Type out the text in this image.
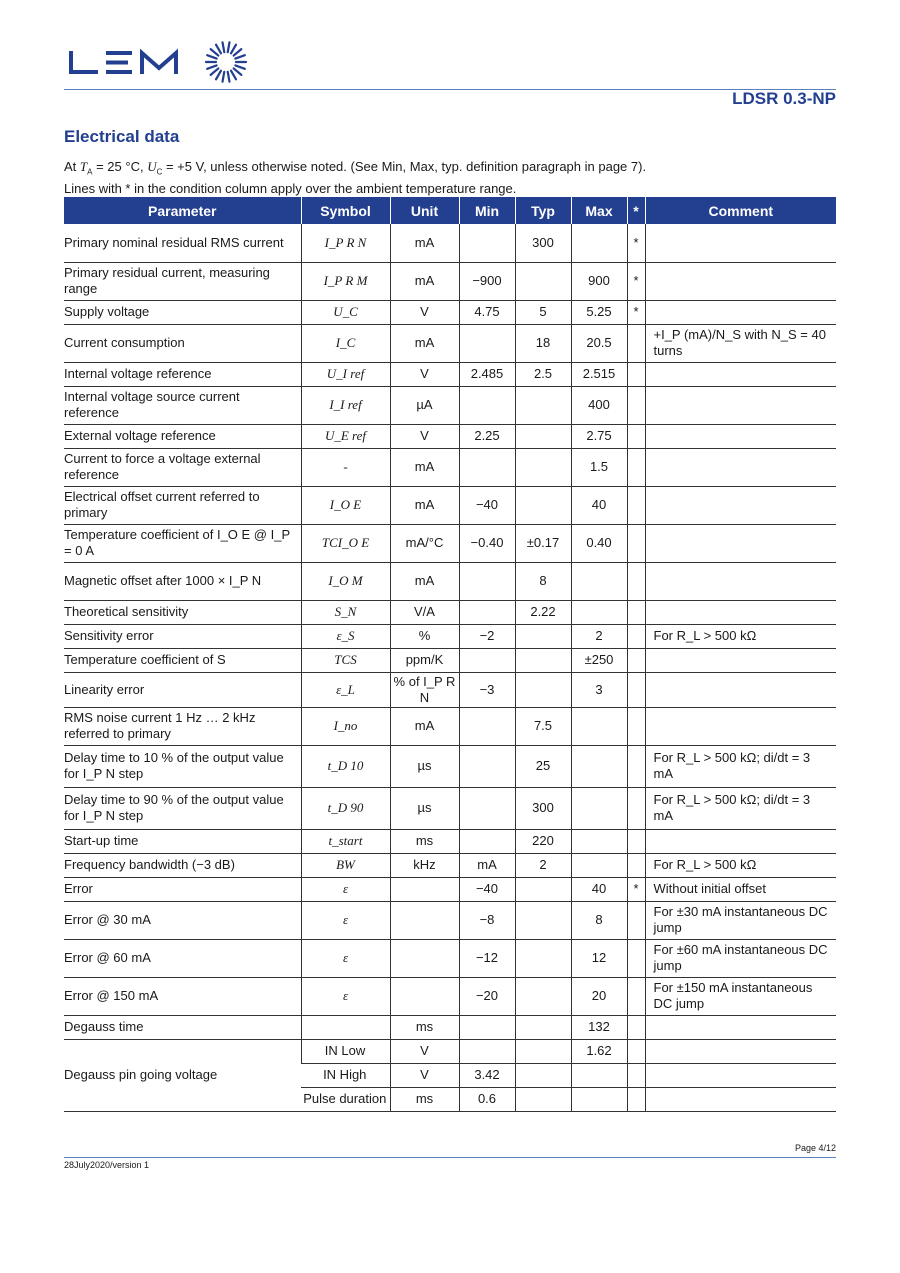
LEM
LDSR 0.3-NP
Electrical data

At $T_A = 25$ °C, $U_C = +5$ V, unless otherwise noted. (See Min, Max, typ. definition paragraph in page 7).

Lines with * in the condition column apply over the ambient temperature range.

Parameter	Symbol	Unit	Min	Typ	Max	*	Comment
Primary nominal residual RMS current	I_P R N	mA		300		*	
Primary residual current, measuring range	I_P R M	mA	−900		900	*	
Supply voltage	U_C	V	4.75	5	5.25	*	
Current consumption	I_C	mA		18	20.5		+I_P (mA)/N_S with N_S = 40 turns
Internal voltage reference	U_I ref	V	2.485	2.5	2.515		
Internal voltage source current reference	I_I ref	µA			400		
External voltage reference	U_E ref	V	2.25		2.75		
Current to force a voltage external reference	-	mA			1.5		
Electrical offset current referred to primary	I_O E	mA	−40		40		
Temperature coefficient of I_O E @ I_P = 0 A	TCI_O E	mA/°C	−0.40	±0.17	0.40		
Magnetic offset after 1000 × I_P N	I_O M	mA		8			
Theoretical sensitivity	S_N	V/A		2.22			
Sensitivity error	ε_S	%	−2		2		For R_L > 500 kΩ
Temperature coefficient of S	TCS	ppm/K			±250		
Linearity error	ε_L	% of I_P R N	−3		3		
RMS noise current 1 Hz … 2 kHz referred to primary	I_no	mA		7.5			
Delay time to 10 % of the output value for I_P N step	t_D 10	µs		25			For R_L > 500 kΩ; di/dt = 3 mA
Delay time to 90 % of the output value for I_P N step	t_D 90	µs		300			For R_L > 500 kΩ; di/dt = 3 mA
Start-up time	t_start	ms		220			
Frequency bandwidth (−3 dB)	BW	kHz	mA	2			For R_L > 500 kΩ
Error	ε		−40		40	*	Without initial offset
Error @ 30 mA	ε		−8		8		For ±30 mA instantaneous DC jump
Error @ 60 mA	ε		−12		12		For ±60 mA instantaneous DC jump
Error @ 150 mA	ε		−20		20		For ±150 mA instantaneous DC jump
Degauss time		ms			132		
Degauss pin going voltage	IN Low	V			1.62		
	IN High	V	3.42				
	Pulse duration	ms	0.6				
Page 4/12
28July2020/version 1
